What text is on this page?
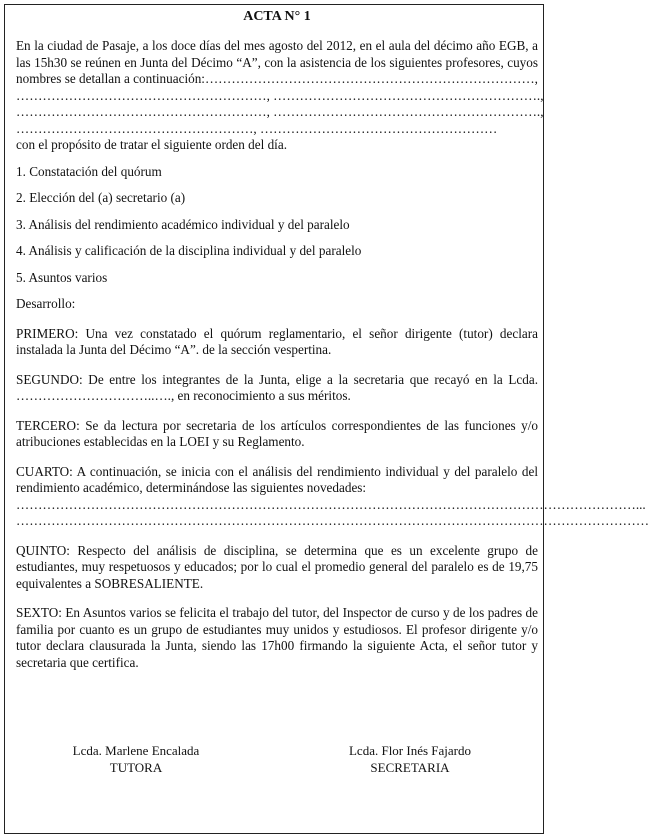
ACTA N° 1

En la ciudad de Pasaje, a los doce días del mes agosto del 2012, en el aula del décimo año EGB, a las 15h30 se reúnen en Junta del Décimo “A”, con la asistencia de los siguientes profesores, cuyos nombres se detallan a continuación:…………………………………………………………………,

…………………………………………………, …………………………………………………….,

…………………………………………………, …………………………………………………….,

………………………………………………, ………………………………………………

con el propósito de tratar el siguiente orden del día.

1. Constatación del quórum

2. Elección del (a) secretario (a)

3. Análisis del rendimiento académico individual y del paralelo

4. Análisis y calificación de la disciplina individual y del paralelo

5. Asuntos varios

Desarrollo:

PRIMERO: Una vez constatado el quórum reglamentario, el señor dirigente (tutor) declara instalada la Junta del Décimo “A”. de la sección vespertina.

SEGUNDO: De entre los integrantes de la Junta, elige a la secretaria que recayó en la Lcda. …………………………..…., en reconocimiento a sus méritos.

TERCERO: Se da lectura por secretaria de los artículos correspondientes de las funciones y/o atribuciones establecidas en la LOEI y su Reglamento.

CUARTO: A continuación, se inicia con el análisis del rendimiento individual y del paralelo del rendimiento académico, determinándose las siguientes novedades:

……………………………………………………………………………………………………………………………...

………………………………………………………………………………………………………………………………

QUINTO: Respecto del análisis de disciplina, se determina que es un excelente grupo de estudiantes, muy respetuosos y educados; por lo cual el promedio general del paralelo es de 19,75 equivalentes a SOBRESALIENTE.

SEXTO: En Asuntos varios se felicita el trabajo del tutor, del Inspector de curso y de los padres de familia por cuanto es un grupo de estudiantes muy unidos y estudiosos. El profesor dirigente y/o tutor declara clausurada la Junta, siendo las 17h00 firmando la siguiente Acta, el señor tutor y secretaria que certifica.

Lcda. Marlene Encalada
TUTORA
Lcda. Flor Inés Fajardo
SECRETARIA
